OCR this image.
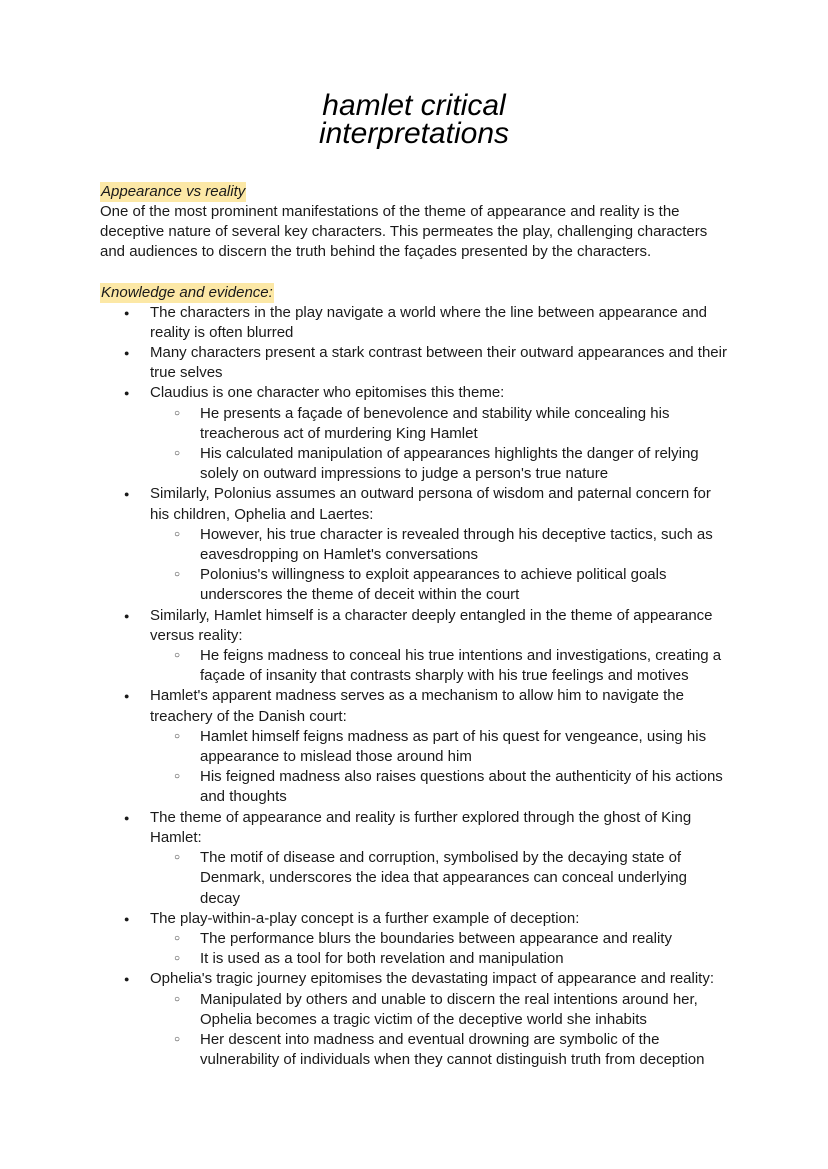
hamlet critical
interpretations

Appearance vs reality

One of the most prominent manifestations of the theme of appearance and reality is the deceptive nature of several key characters. This permeates the play, challenging characters and audiences to discern the truth behind the façades presented by the characters.

Knowledge and evidence:

● The characters in the play navigate a world where the line between appearance and reality is often blurred
● Many characters present a stark contrast between their outward appearances and their true selves
● Claudius is one character who epitomises this theme:
○ He presents a façade of benevolence and stability while concealing his treacherous act of murdering King Hamlet
○ His calculated manipulation of appearances highlights the danger of relying solely on outward impressions to judge a person's true nature
● Similarly, Polonius assumes an outward persona of wisdom and paternal concern for his children, Ophelia and Laertes:
○ However, his true character is revealed through his deceptive tactics, such as eavesdropping on Hamlet's conversations
○ Polonius's willingness to exploit appearances to achieve political goals underscores the theme of deceit within the court
● Similarly, Hamlet himself is a character deeply entangled in the theme of appearance versus reality:
○ He feigns madness to conceal his true intentions and investigations, creating a façade of insanity that contrasts sharply with his true feelings and motives
● Hamlet's apparent madness serves as a mechanism to allow him to navigate the treachery of the Danish court:
○ Hamlet himself feigns madness as part of his quest for vengeance, using his appearance to mislead those around him
○ His feigned madness also raises questions about the authenticity of his actions and thoughts
● The theme of appearance and reality is further explored through the ghost of King Hamlet:
○ The motif of disease and corruption, symbolised by the decaying state of Denmark, underscores the idea that appearances can conceal underlying decay
● The play-within-a-play concept is a further example of deception:
○ The performance blurs the boundaries between appearance and reality
○ It is used as a tool for both revelation and manipulation
● Ophelia's tragic journey epitomises the devastating impact of appearance and reality:
○ Manipulated by others and unable to discern the real intentions around her, Ophelia becomes a tragic victim of the deceptive world she inhabits
○ Her descent into madness and eventual drowning are symbolic of the vulnerability of individuals when they cannot distinguish truth from deception
